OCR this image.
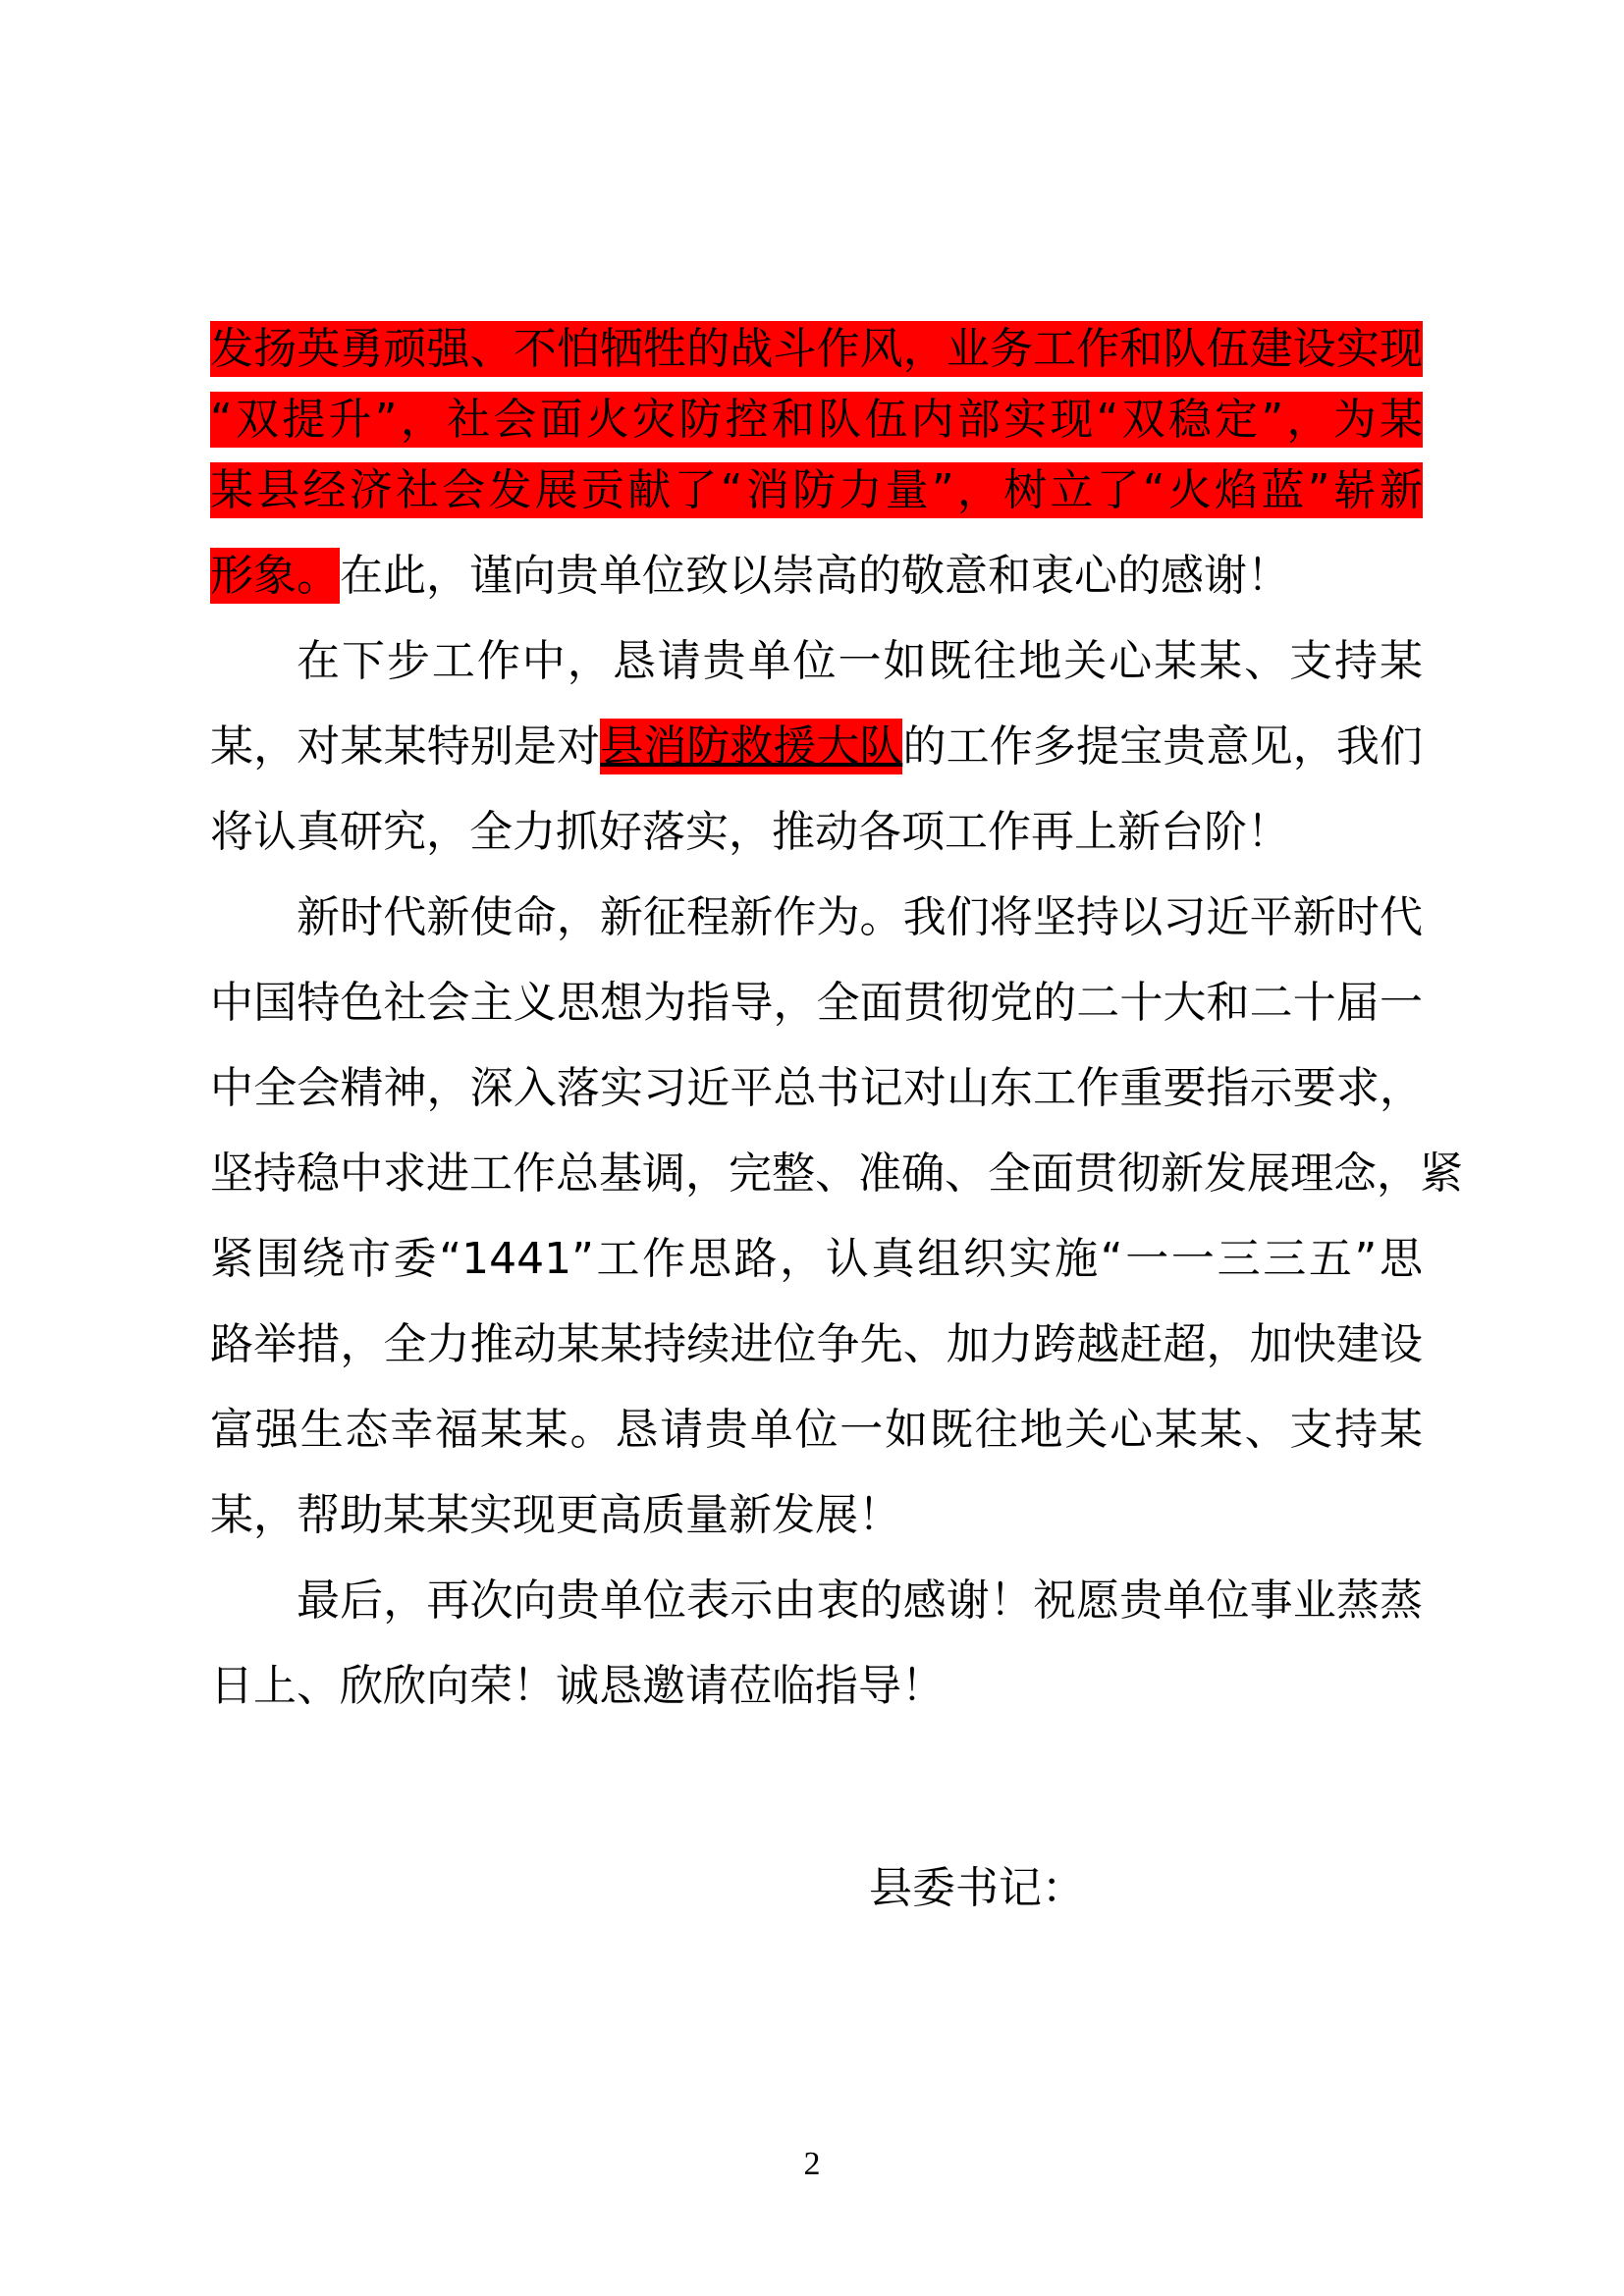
发扬英勇顽强、不怕牺牲的战斗作风，业务工作和队伍建设实现
“双提升”，社会面火灾防控和队伍内部实现“双稳定”，为某
某县经济社会发展贡献了“消防力量”，树立了“火焰蓝”崭新
形象。在此，谨向贵单位致以崇高的敬意和衷心的感谢！
在下步工作中，恳请贵单位一如既往地关心某某、支持某
某，对某某特别是对县消防救援大队的工作多提宝贵意见，我们
将认真研究，全力抓好落实，推动各项工作再上新台阶！
新时代新使命，新征程新作为。我们将坚持以习近平新时代
中国特色社会主义思想为指导，全面贯彻党的二十大和二十届一
中全会精神，深入落实习近平总书记对山东工作重要指示要求，
坚持稳中求进工作总基调，完整、准确、全面贯彻新发展理念，紧
紧围绕市委“1441”工作思路，认真组织实施“一一三三五”思
路举措，全力推动某某持续进位争先、加力跨越赶超，加快建设
富强生态幸福某某。恳请贵单位一如既往地关心某某、支持某
某，帮助某某实现更高质量新发展！
最后，再次向贵单位表示由衷的感谢！祝愿贵单位事业蒸蒸
日上、欣欣向荣！诚恳邀请莅临指导！
县委书记：
2
